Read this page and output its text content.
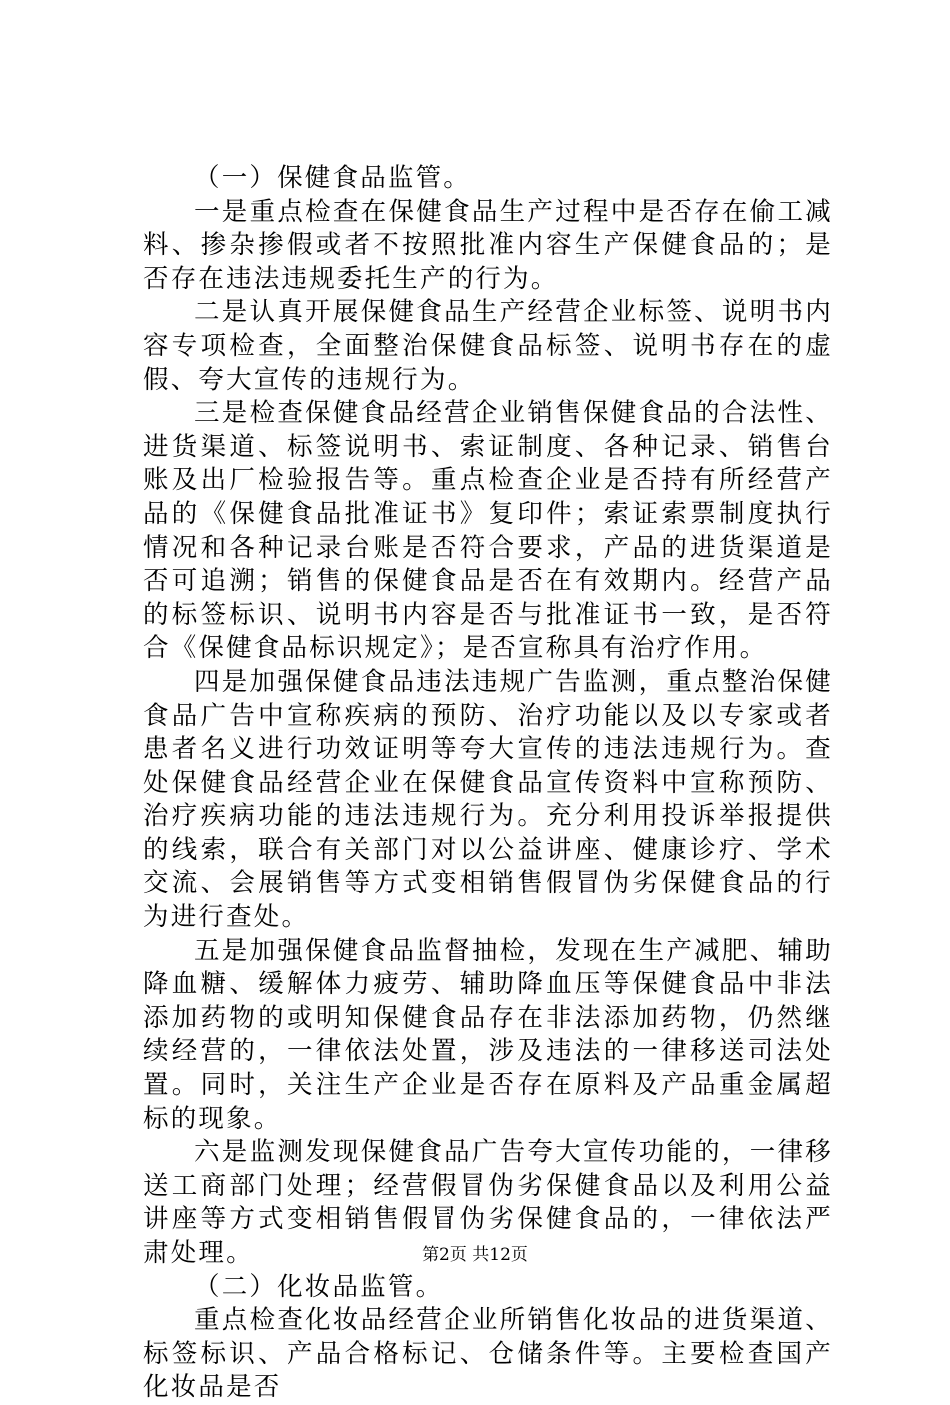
（一）保健食品监管。

一是重点检查在保健食品生产过程中是否存在偷工减料、掺杂掺假或者不按照批准内容生产保健食品的；是否存在违法违规委托生产的行为。

二是认真开展保健食品生产经营企业标签、说明书内容专项检查，全面整治保健食品标签、说明书存在的虚假、夸大宣传的违规行为。

三是检查保健食品经营企业销售保健食品的合法性、进货渠道、标签说明书、索证制度、各种记录、销售台账及出厂检验报告等。重点检查企业是否持有所经营产品的《保健食品批准证书》复印件；索证索票制度执行情况和各种记录台账是否符合要求，产品的进货渠道是否可追溯；销售的保健食品是否在有效期内。经营产品的标签标识、说明书内容是否与批准证书一致，是否符合《保健食品标识规定》；是否宣称具有治疗作用。

四是加强保健食品违法违规广告监测，重点整治保健食品广告中宣称疾病的预防、治疗功能以及以专家或者患者名义进行功效证明等夸大宣传的违法违规行为。查处保健食品经营企业在保健食品宣传资料中宣称预防、治疗疾病功能的违法违规行为。充分利用投诉举报提供的线索，联合有关部门对以公益讲座、健康诊疗、学术交流、会展销售等方式变相销售假冒伪劣保健食品的行为进行查处。

五是加强保健食品监督抽检，发现在生产减肥、辅助降血糖、缓解体力疲劳、辅助降血压等保健食品中非法添加药物的或明知保健食品存在非法添加药物，仍然继续经营的，一律依法处置，涉及违法的一律移送司法处置。同时，关注生产企业是否存在原料及产品重金属超标的现象。

六是监测发现保健食品广告夸大宣传功能的，一律移送工商部门处理；经营假冒伪劣保健食品以及利用公益讲座等方式变相销售假冒伪劣保健食品的，一律依法严肃处理。

（二）化妆品监管。

重点检查化妆品经营企业所销售化妆品的进货渠道、标签标识、产品合格标记、仓储条件等。主要检查国产化妆品是否

第2页 共12页
